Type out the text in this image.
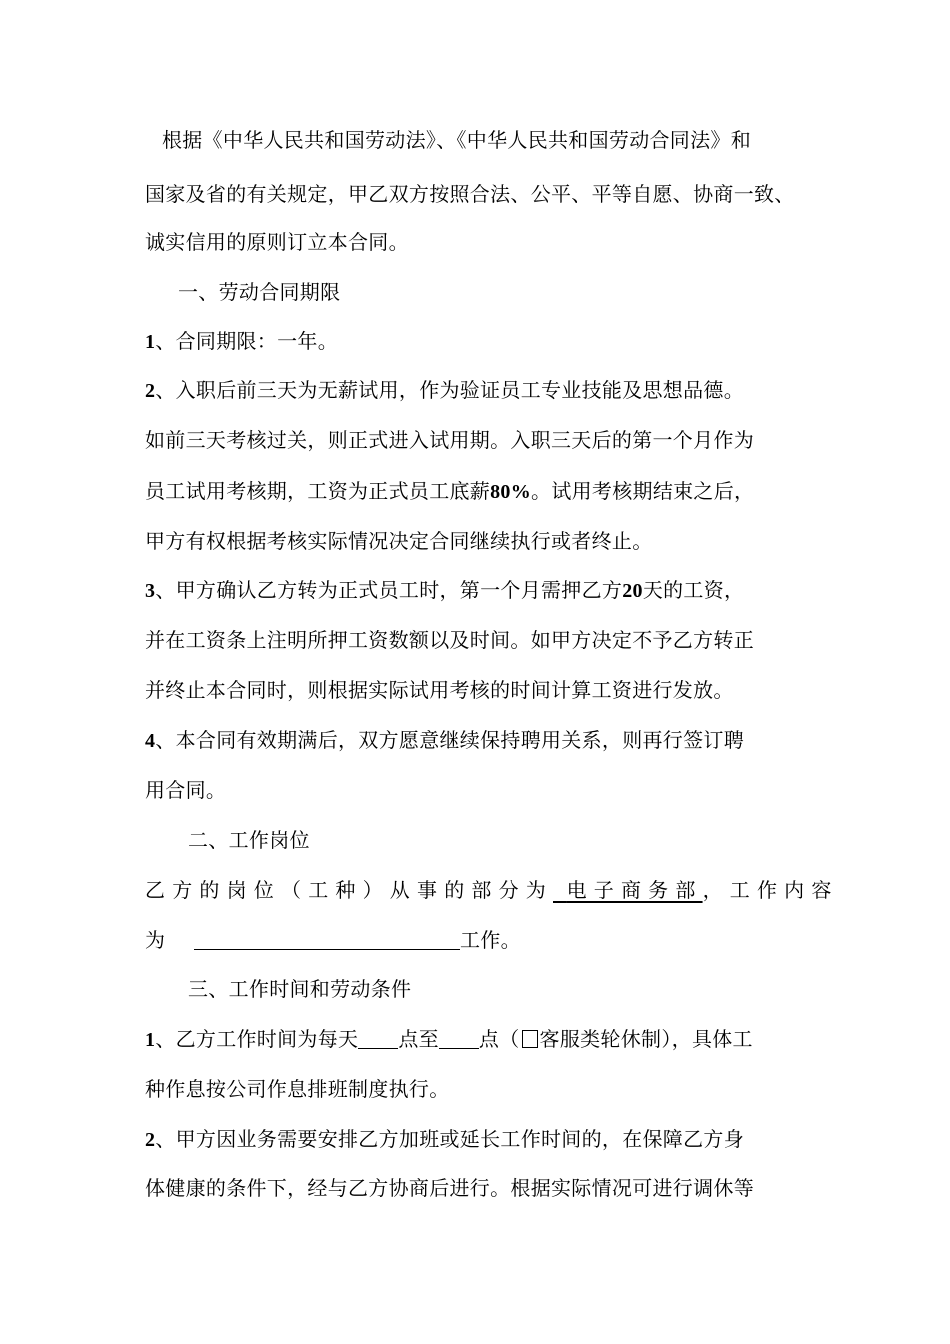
根据《中华人民共和国劳动法》、《中华人民共和国劳动合同法》和
国家及省的有关规定，甲乙双方按照合法、公平、平等自愿、协商一致、
诚实信用的原则订立本合同。
一、劳动合同期限
1、合同期限：一年。
2、入职后前三天为无薪试用，作为验证员工专业技能及思想品德。
如前三天考核过关，则正式进入试用期。入职三天后的第一个月作为
员工试用考核期，工资为正式员工底薪80%。试用考核期结束之后，
甲方有权根据考核实际情况决定合同继续执行或者终止。
3、甲方确认乙方转为正式员工时，第一个月需押乙方20天的工资，
并在工资条上注明所押工资数额以及时间。如甲方决定不予乙方转正
并终止本合同时，则根据实际试用考核的时间计算工资进行发放。
4、本合同有效期满后，双方愿意继续保持聘用关系，则再行签订聘
用合同。
二、工作岗位
乙方的岗位（工种）从事的部分为 电子商务部，工作内容
为	工作。
三、工作时间和劳动条件
1、乙方工作时间为每天 点至 点（ 客服类轮休制），具体工
种作息按公司作息排班制度执行。
2、甲方因业务需要安排乙方加班或延长工作时间的，在保障乙方身
体健康的条件下，经与乙方协商后进行。根据实际情况可进行调休等
